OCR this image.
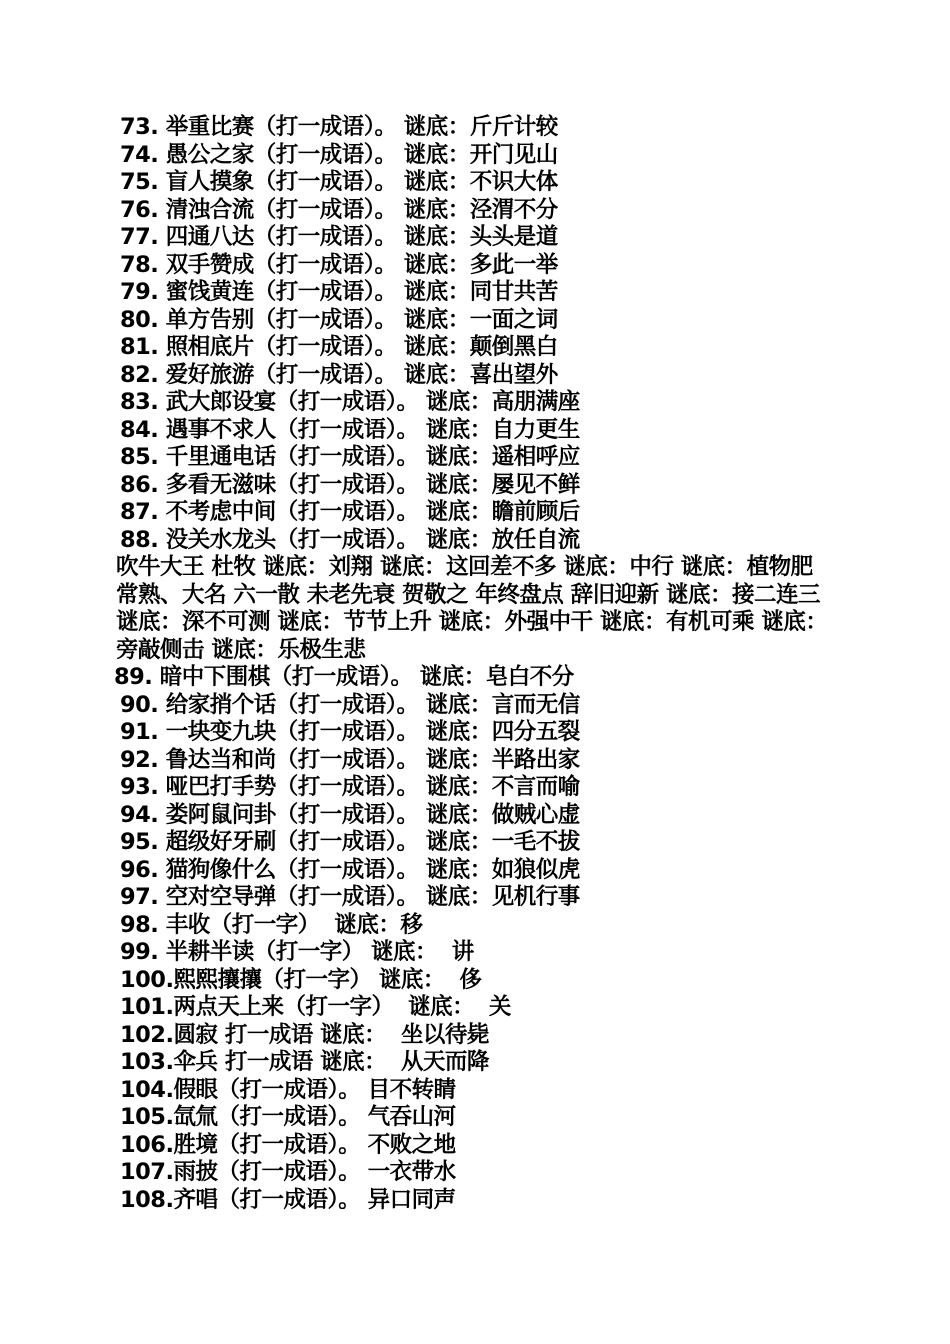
73. 举重比赛（打一成语）。 谜底：斤斤计较
74. 愚公之家（打一成语）。 谜底：开门见山
75. 盲人摸象（打一成语）。 谜底：不识大体
76. 清浊合流（打一成语）。 谜底：泾渭不分
77. 四通八达（打一成语）。 谜底：头头是道
78. 双手赞成（打一成语）。 谜底：多此一举
79. 蜜饯黄连（打一成语）。 谜底：同甘共苦
80. 单方告别（打一成语）。 谜底：一面之词
81. 照相底片（打一成语）。 谜底：颠倒黑白
82. 爱好旅游（打一成语）。 谜底：喜出望外
83. 武大郎设宴（打一成语）。 谜底：高朋满座
84. 遇事不求人（打一成语）。 谜底：自力更生
85. 千里通电话（打一成语）。 谜底：遥相呼应
86. 多看无滋味（打一成语）。 谜底：屡见不鲜
87. 不考虑中间（打一成语）。 谜底：瞻前顾后
88. 没关水龙头（打一成语）。 谜底：放任自流
吹牛大王 杜牧 谜底：刘翔 谜底：这回差不多 谜底：中行 谜底：植物肥 常熟、大名 六一散 未老先衰 贺敬之 年终盘点 辞旧迎新 谜底：接二连三 谜底：深不可测 谜底：节节上升 谜底：外强中干 谜底：有机可乘 谜底：旁敲侧击 谜底：乐极生悲
89. 暗中下围棋（打一成语）。 谜底：皂白不分
90. 给家捎个话（打一成语）。 谜底：言而无信
91. 一块变九块（打一成语）。 谜底：四分五裂
92. 鲁达当和尚（打一成语）。 谜底：半路出家
93. 哑巴打手势（打一成语）。 谜底：不言而喻
94. 娄阿鼠问卦（打一成语）。 谜底：做贼心虚
95. 超级好牙刷（打一成语）。 谜底：一毛不拔
96. 猫狗像什么（打一成语）。 谜底：如狼似虎
97. 空对空导弹（打一成语）。 谜底：见机行事
98. 丰收（打一字）  谜底：移
99. 半耕半读（打一字） 谜底：  讲
100.熙熙攘攘（打一字） 谜底：  侈
101.两点天上来（打一字）  谜底：  关
102.圆寂 打一成语 谜底：  坐以待毙
103.伞兵 打一成语 谜底：  从天而降
104.假眼（打一成语）。 目不转睛
105.氙氚（打一成语）。 气吞山河
106.胜境（打一成语）。 不败之地
107.雨披（打一成语）。 一衣带水
108.齐唱（打一成语）。 异口同声
